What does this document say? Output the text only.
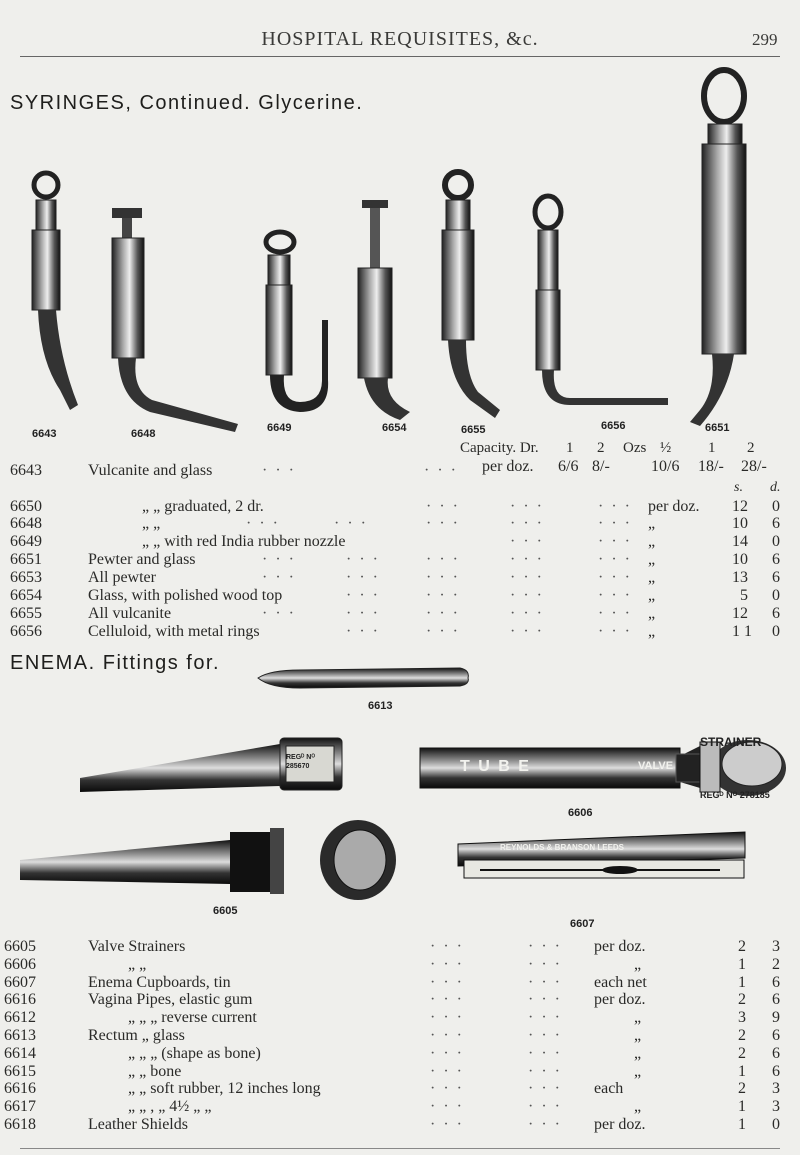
HOSPITAL REQUISITES, &c.	299
SYRINGES, Continued. Glycerine.
6643	6648	6649	6654	6655	6656	6651
Capacity. Dr. 1 2 Ozs ½ 1 2
per doz. 6/6 8/-	10/6 18/- 28/-
s. d.
6643	Vulcanite and glass	· · ·	· · ·
6650	„ „ graduated, 2 dr.	· · ·	· · ·	· · · per doz.	12 0
6648	„ „	· · ·	· · ·	· · ·	· · ·	· · · „	10 6
6649	„ „ with red India rubber nozzle	· · ·	· · · „	14 0
6651	Pewter and glass	· · ·	· · ·	· · ·	· · ·	· · · „	10 6
6653	All pewter	· · ·	· · ·	· · ·	· · ·	· · · „	13 6
6654	Glass, with polished wood top	· · ·	· · ·	· · ·	· · · „	5 0
6655	All vulcanite	· · ·	· · ·	· · ·	· · ·	· · · „	12 6
6656	Celluloid, with metal rings	· · ·	· · ·	· · ·	· · · „	1 1 0
ENEMA. Fittings for.
6613
STRAINER
REGᴰ Nᴼ 278185
REGᴰ Nᴼ 285670	T U B E	VALVE
6606
REYNOLDS & BRANSON LEEDS
6605
6607
6605	Valve Strainers	· · ·	· · · per doz.	2 3
6606	„ „	· · ·	· · ·	„	1 2
6607	Enema Cupboards, tin	· · ·	· · · each net	1 6
6616	Vagina Pipes, elastic gum	· · ·	· · · per doz.	2 6
6612	„ „ „ reverse current	· · ·	· · ·	„	3 9
6613	Rectum „ glass	· · ·	· · ·	„	2 6
6614	„ „ „ (shape as bone)	· · ·	· · ·	„	2 6
6615	„ „ bone	· · ·	· · ·	„	1 6
6616	„ „ soft rubber, 12 inches long	· · ·	· · · each	2 3
6617	„ „ , „ 4½ „ „	· · ·	· · ·	„	1 3
6618	Leather Shields	· · ·	· · · per doz.	1 0
